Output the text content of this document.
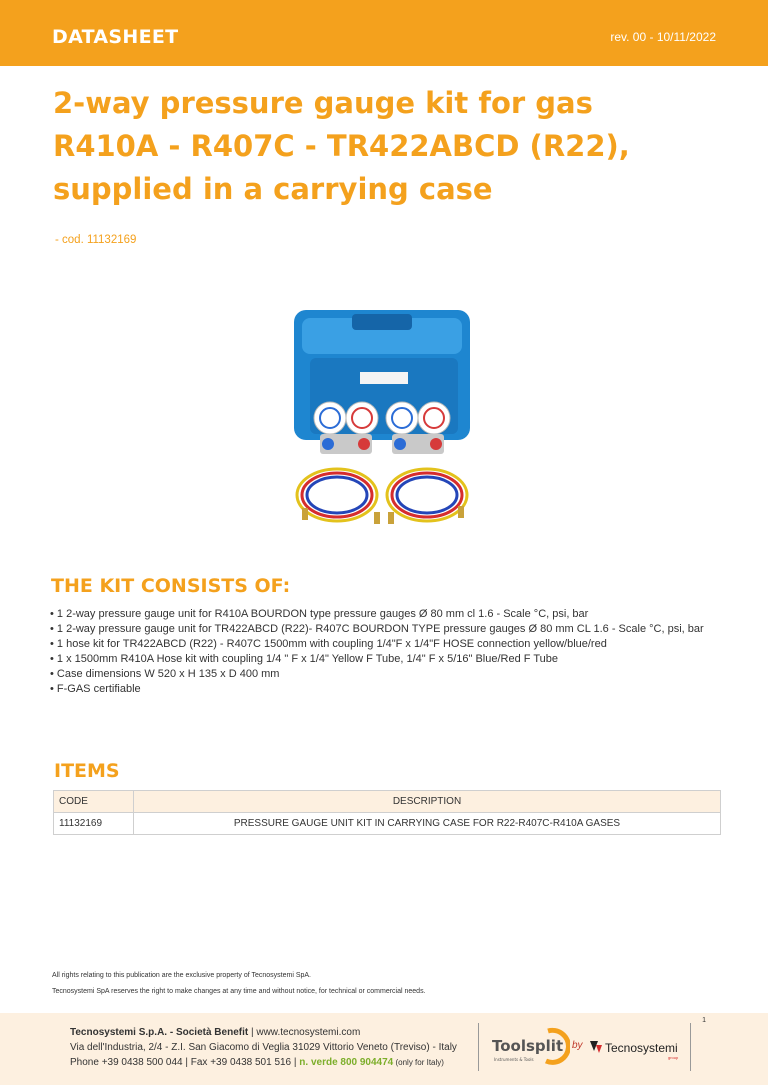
DATASHEET	rev. 00 - 10/11/2022
2-way pressure gauge kit for gas R410A - R407C - TR422ABCD (R22), supplied in a carrying case
- cod. 11132169
THE KIT CONSISTS OF:
• 1 2-way pressure gauge unit for R410A BOURDON type pressure gauges Ø 80 mm cl 1.6 - Scale °C, psi, bar
• 1 2-way pressure gauge unit for TR422ABCD (R22)- R407C BOURDON TYPE pressure gauges Ø 80 mm CL 1.6 - Scale °C, psi, bar
• 1 hose kit for TR422ABCD (R22) - R407C 1500mm with coupling 1/4"F x 1/4"F HOSE connection yellow/blue/red
• 1 x 1500mm R410A Hose kit with coupling 1/4 " F x 1/4" Yellow F Tube, 1/4" F x 5/16" Blue/Red F Tube
• Case dimensions W 520 x H 135 x D 400 mm
• F-GAS certifiable
ITEMS
CODE	DESCRIPTION
11132169	PRESSURE GAUGE UNIT KIT IN CARRYING CASE FOR R22-R407C-R410A GASES
All rights relating to this publication are the exclusive property of Tecnosystemi SpA.
Tecnosystemi SpA reserves the right to make changes at any time and without notice, for technical or commercial needs.
1
Tecnosystemi S.p.A. - Società Benefit | www.tecnosystemi.com
Via dell'Industria, 2/4 - Z.I. San Giacomo di Veglia 31029 Vittorio Veneto (Treviso) - Italy
Phone +39 0438 500 044 | Fax +39 0438 501 516 | n. verde 800 904474 (only for Italy)
Toolsplit
Instruments & Tools
by Tecnosystemi
group
